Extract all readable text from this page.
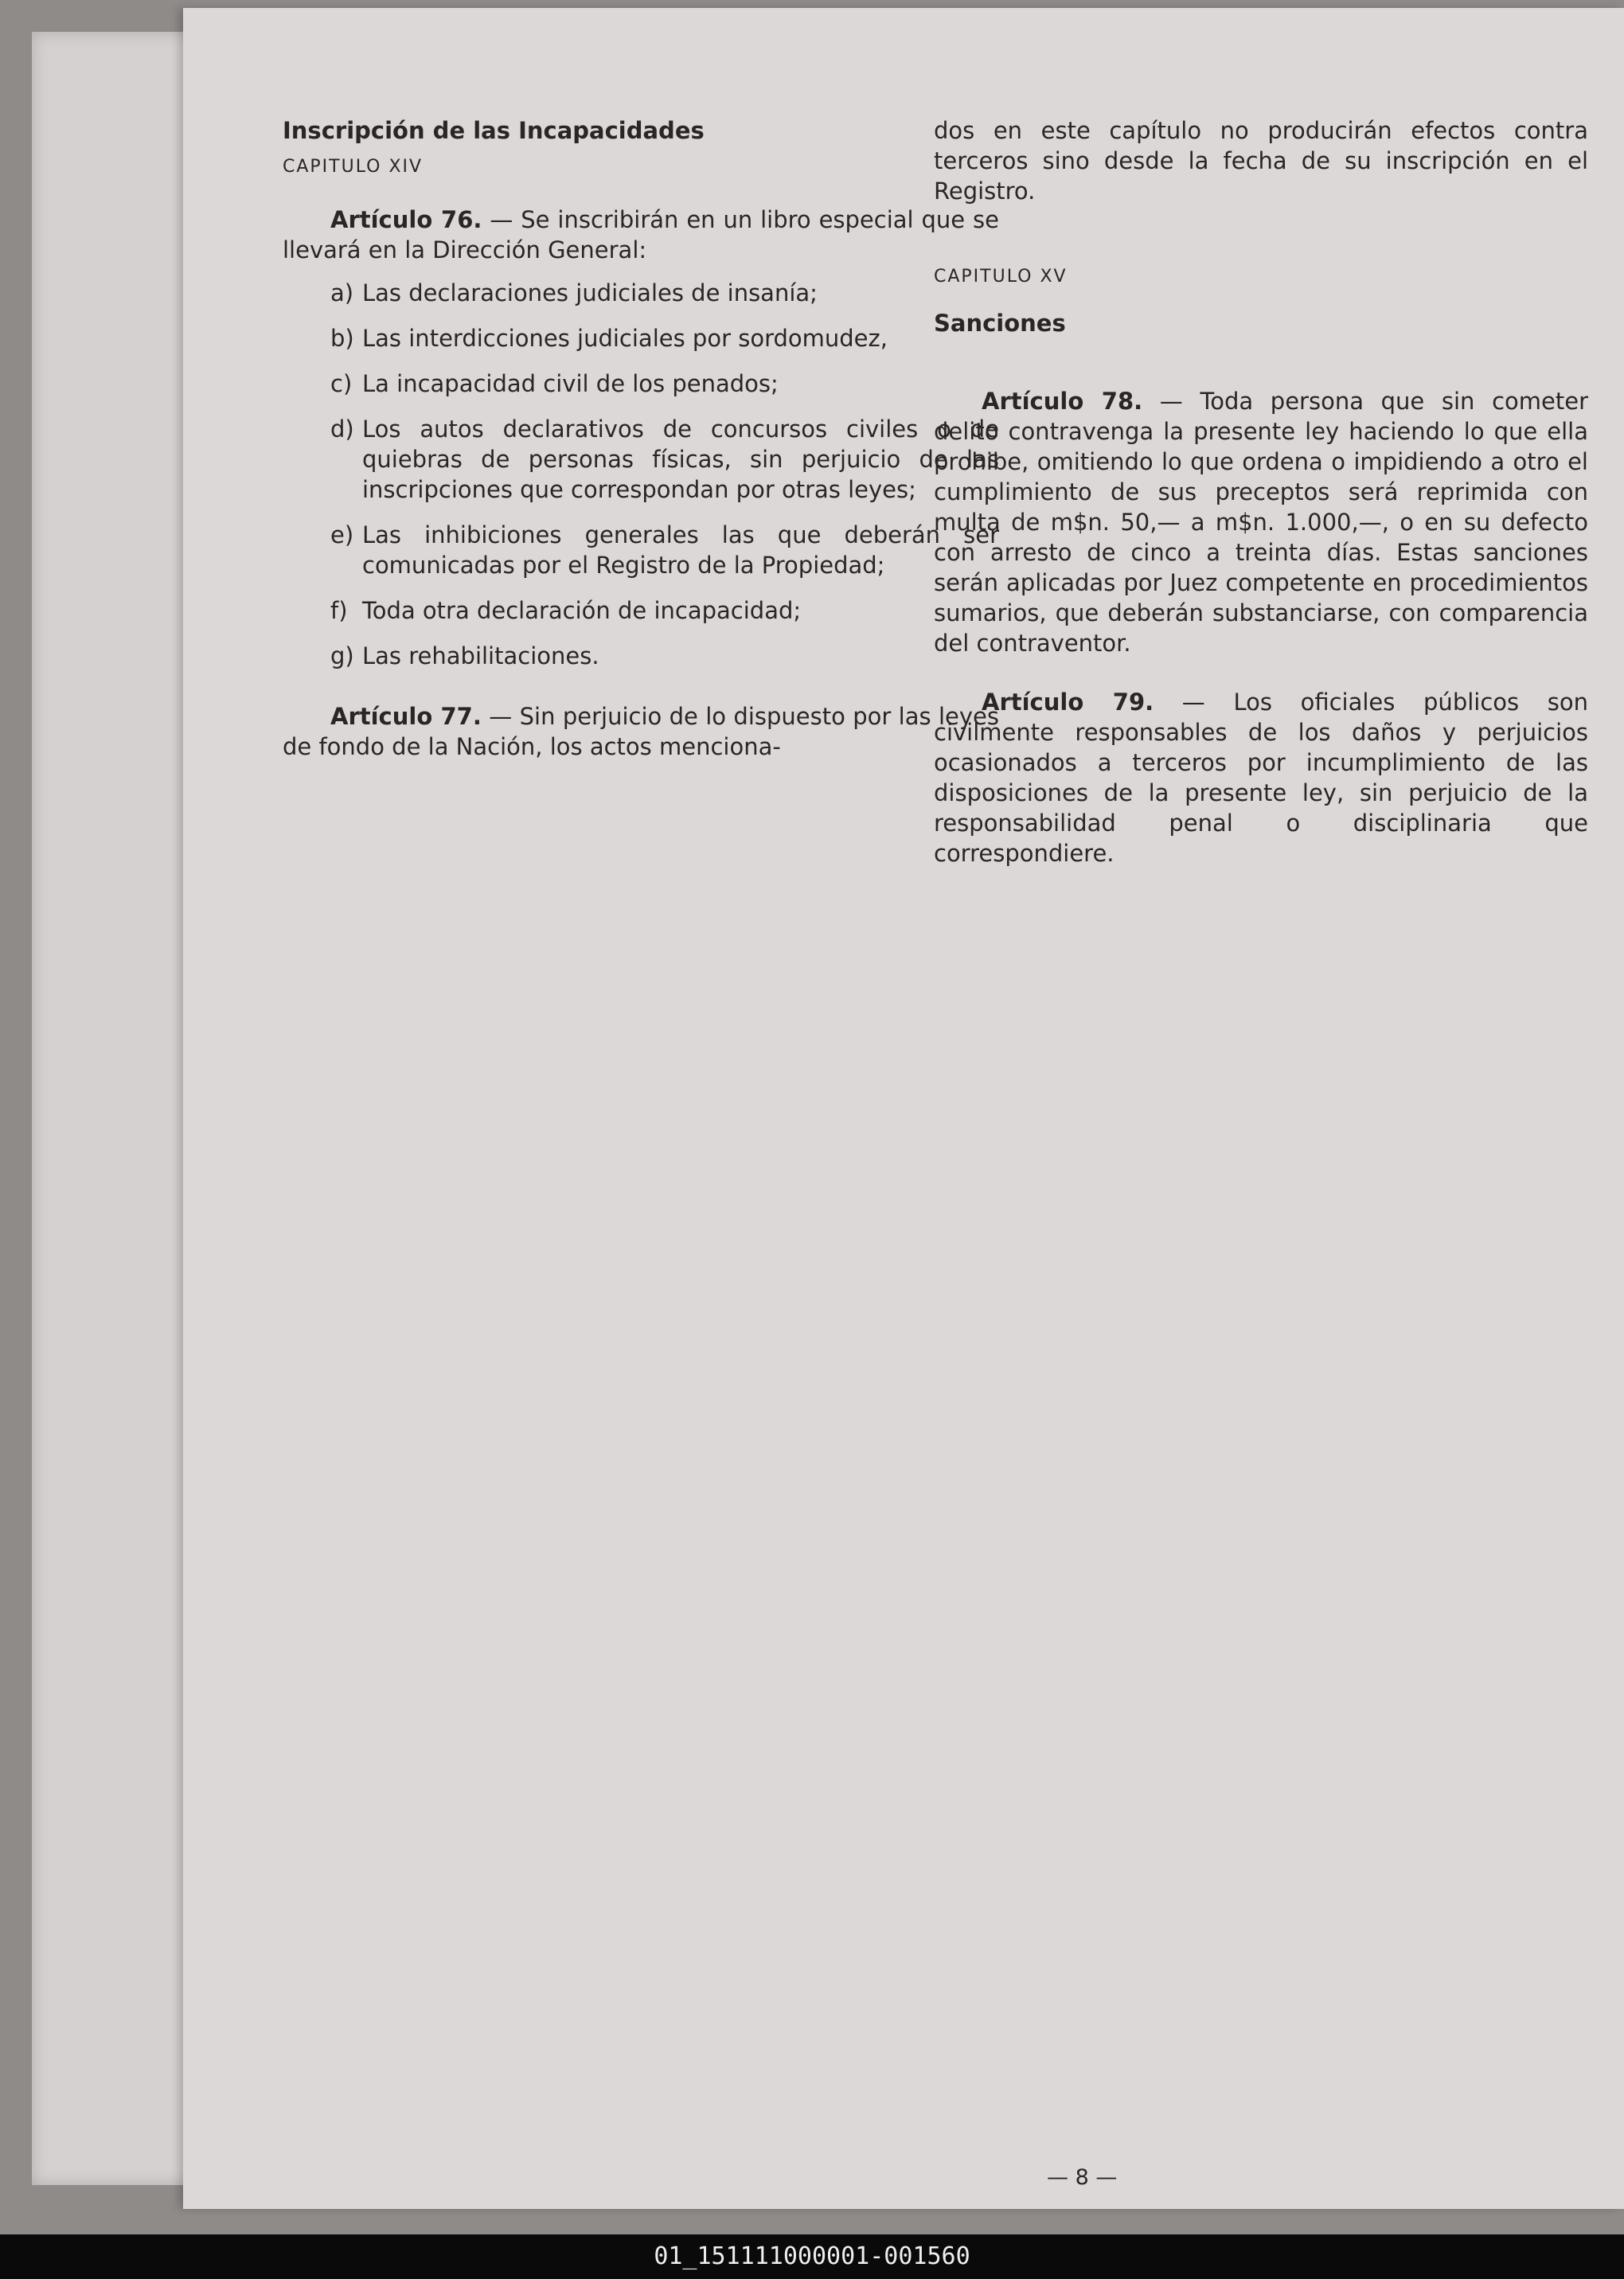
Inscripción de las Incapacidades

CAPITULO XIV

Artículo 76. — Se inscribirán en un libro especial que se llevará en la Dirección General:

a) Las declaraciones judiciales de insanía;
b) Las interdicciones judiciales por sordomudez,
c) La incapacidad civil de los penados;
d) Los autos declarativos de concursos civiles o de quiebras de personas físicas, sin perjuicio de las inscripciones que correspondan por otras leyes;
e) Las inhibiciones generales las que deberán ser comunicadas por el Registro de la Propiedad;
f) Toda otra declaración de incapacidad;
g) Las rehabilitaciones.

Artículo 77. — Sin perjuicio de lo dispuesto por las leyes de fondo de la Nación, los actos menciona-

dos en este capítulo no producirán efectos contra terceros sino desde la fecha de su inscripción en el Registro.

CAPITULO XV

Sanciones

Artículo 78. — Toda persona que sin cometer delito contravenga la presente ley haciendo lo que ella prohibe, omitiendo lo que ordena o impidiendo a otro el cumplimiento de sus preceptos será reprimida con multa de m$n. 50,— a m$n. 1.000,—, o en su defecto con arresto de cinco a treinta días. Estas sanciones serán aplicadas por Juez competente en procedimientos sumarios, que deberán substanciarse, con comparencia del contraventor.

Artículo 79. — Los oficiales públicos son civilmente responsables de los daños y perjuicios ocasionados a terceros por incumplimiento de las disposiciones de la presente ley, sin perjuicio de la responsabilidad penal o disciplinaria que correspondiere.

— 8 —
01_151111000001-001560
